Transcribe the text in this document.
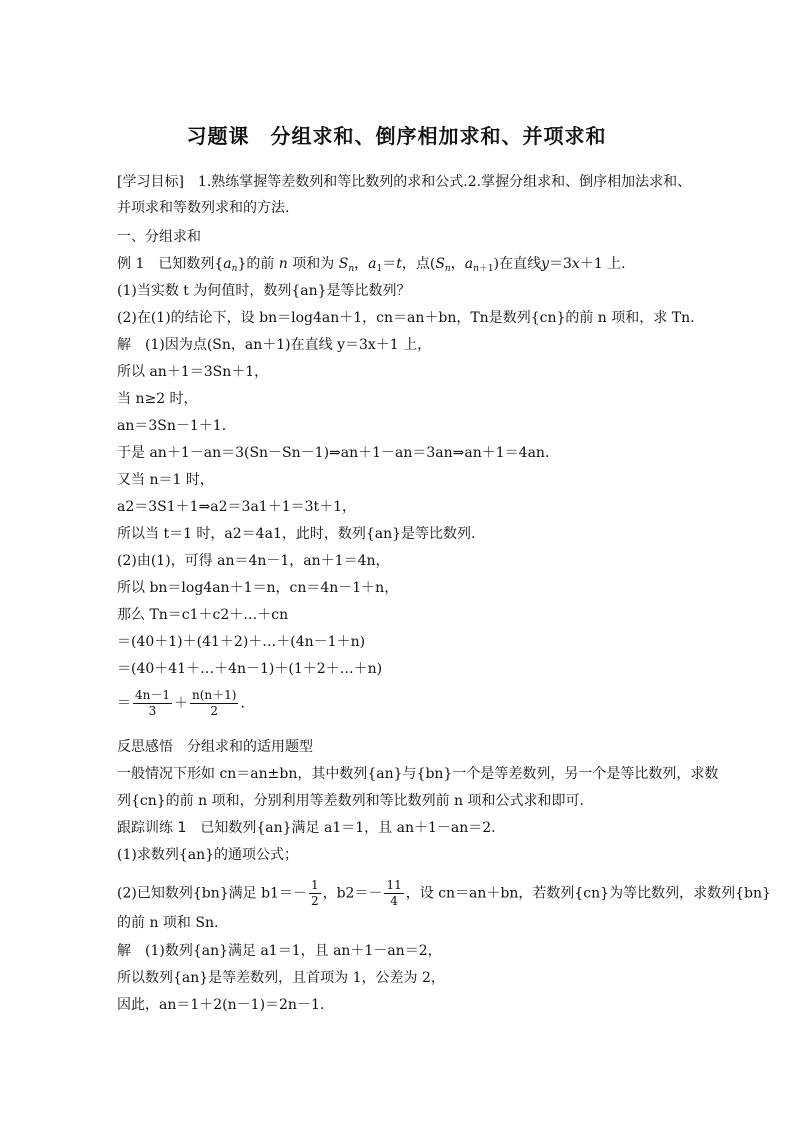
习题课　分组求和、倒序相加求和、并项求和
[学习目标]　1.熟练掌握等差数列和等比数列的求和公式.2.掌握分组求和、倒序相加法求和、
并项求和等数列求和的方法.
一、分组求和
例 1　已知数列$\{a_n\}$的前 n 项和为 $S_n$，$a_1=t$，点($S_n$，$a_{n+1}$)在直线y＝3x＋1 上.
(1)当实数 t 为何值时，数列{an}是等比数列？
(2)在(1)的结论下，设 bn＝log4an＋1，cn＝an＋bn，Tn是数列{cn}的前 n 项和，求 Tn.
解　(1)因为点(Sn，an＋1)在直线 y＝3x＋1 上，
所以 an＋1＝3Sn＋1，
当 n≥2 时，
an＝3Sn－1＋1.
于是 an＋1－an＝3(Sn－Sn－1)⇒an＋1－an＝3an⇒an＋1＝4an.
又当 n＝1 时，
a2＝3S1＋1⇒a2＝3a1＋1＝3t＋1，
所以当 t＝1 时，a2＝4a1，此时，数列{an}是等比数列.
(2)由(1)，可得 an＝4n－1，an＋1＝4n，
所以 bn＝log4an＋1＝n，cn＝4n－1＋n，
那么 Tn＝c1＋c2＋…＋cn
＝(40＋1)＋(41＋2)＋…＋(4n－1＋n)
＝(40＋41＋…＋4n－1)＋(1＋2＋…＋n)
＝ $\frac{4n-1}{3} + \frac{n(n+1)}{2}$ .
反思感悟　分组求和的适用题型
一般情况下形如 cn＝an±bn，其中数列{an}与{bn}一个是等差数列，另一个是等比数列，求数
列{cn}的前 n 项和，分别利用等差数列和等比数列前 n 项和公式求和即可.
跟踪训练 1　已知数列{an}满足 a1＝1，且 an＋1－an＝2.
(1)求数列{an}的通项公式；
(2)已知数列{bn}满足 $b1=- \frac{1}{2}$ ，$b2=- \frac{11}{4}$ ，设 cn＝an＋bn，若数列{cn}为等比数列，求数列{bn}
的前 n 项和 Sn.
解　(1)数列{an}满足 a1＝1，且 an＋1－an＝2，
所以数列{an}是等差数列，且首项为 1，公差为 2，
因此，an＝1＋2(n－1)＝2n－1.
